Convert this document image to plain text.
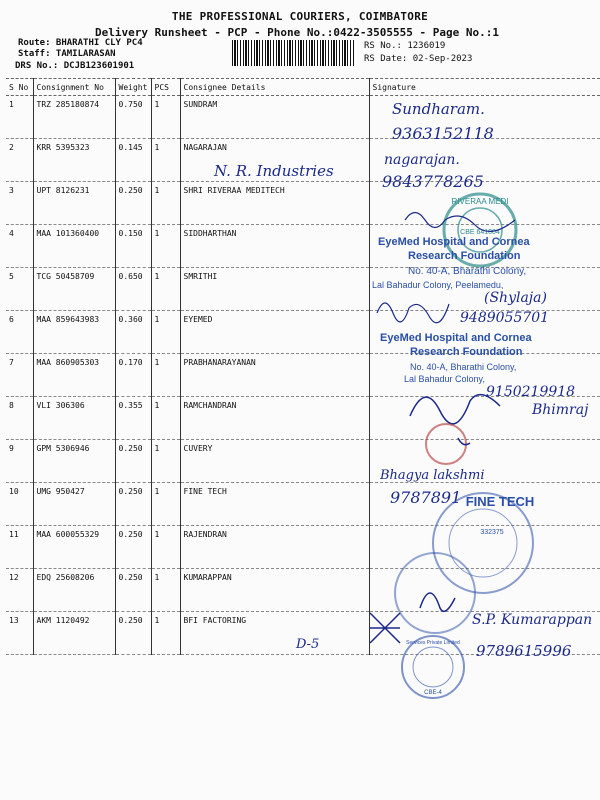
THE PROFESSIONAL COURIERS, COIMBATORE
Delivery Runsheet - PCP - Phone No.:0422-3505555 - Page No.:1
Route: BHARATHI CLY PC4
Staff: TAMILARASAN
DRS No.: DCJB123601901
RS No.: 1236019
RS Date: 02-Sep-2023
S No	Consignment No	Weight	PCS	Consignee Details	Signature
1	TRZ 285180874	0.750	1	SUNDRAM	
2	KRR 5395323	0.145	1	NAGARAJAN	
3	UPT 8126231	0.250	1	SHRI RIVERAA MEDITECH	
4	MAA 101360400	0.150	1	SIDDHARTHAN	
5	TCG 50458709	0.650	1	SMRITHI	
6	MAA 859643983	0.360	1	EYEMED	
7	MAA 860905303	0.170	1	PRABHANARAYANAN	
8	VLI 306306	0.355	1	RAMCHANDRAN	
9	GPM 5306946	0.250	1	CUVERY	
10	UMG 950427	0.250	1	FINE TECH	
11	MAA 600055329	0.250	1	RAJENDRAN	
12	EDQ 25608206	0.250	1	KUMARAPPAN	
13	AKM 1120492	0.250	1	BFI FACTORING	
Sundharam.
9363152118
N. R. Industries
nagarajan.
9843778265
RIVERAA MEDI
CBE 641004
EyeMed Hospital and Cornea
Research Foundation
No. 40-A, Bharathi Colony,
Lal Bahadur Colony, Peelamedu,
(Shylaja)
9489055701
EyeMed Hospital and Cornea
Research Foundation
No. 40-A, Bharathi Colony,
Lal Bahadur Colony,
9150219918
Bhimraj
Bhagya lakshmi
9787891 FINE TECH
332375
S.P. Kumarappan
9789615996
D-5	Services Private Limited
CBE-4
